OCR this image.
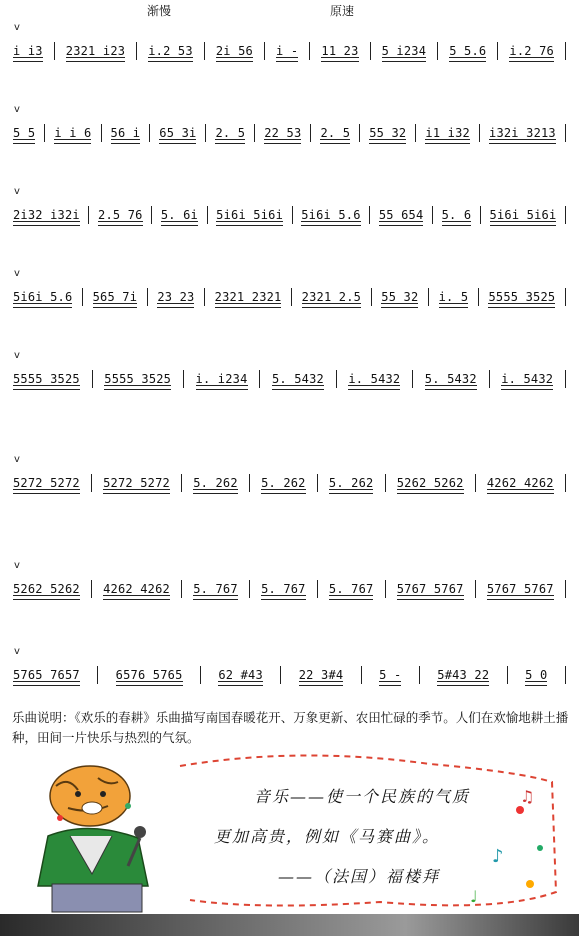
渐慢	原速
i i3 2321 i23 i.2 53 2i 56 i - 11 23 5 i234 5 5.6 i.2 76
5 5 i i 6 56 i 65 3i 2. 5 22 53 2. 5 55 32 i1 i32 i32i 3213
2i32 i32i 2.5 76 5. 6i 5i6i 5i6i 5i6i 5.6 55 654 5. 6 5i6i 5i6i
5i6i 5.6 565 7i 23 23 2321 2321 2321 2.5 55 32 i. 5 5555 3525
5555 3525 5555 3525 i. i234 5. 5432 i. 5432 5. 5432 i. 5432
5272 5272 5272 5272 5. 262 5. 262 5. 262 5262 5262 4262 4262
5262 5262 4262 4262 5. 767 5. 767 5. 767 5767 5767 5767 5767
5765 7657	6576 5765	62 #43	22 3#4	5 -	5#43 22	5 0
乐曲说明：《欢乐的春耕》乐曲描写南国春暖花开、万象更新、农田忙碌的季节。人们在欢愉地耕土播种，田间一片快乐与热烈的气氛。
♪
♫
♩
音乐——使一个民族的气质
更加高贵，例如《马赛曲》。
——（法国）福楼拜
v
v
v
v
v
v
v
v
